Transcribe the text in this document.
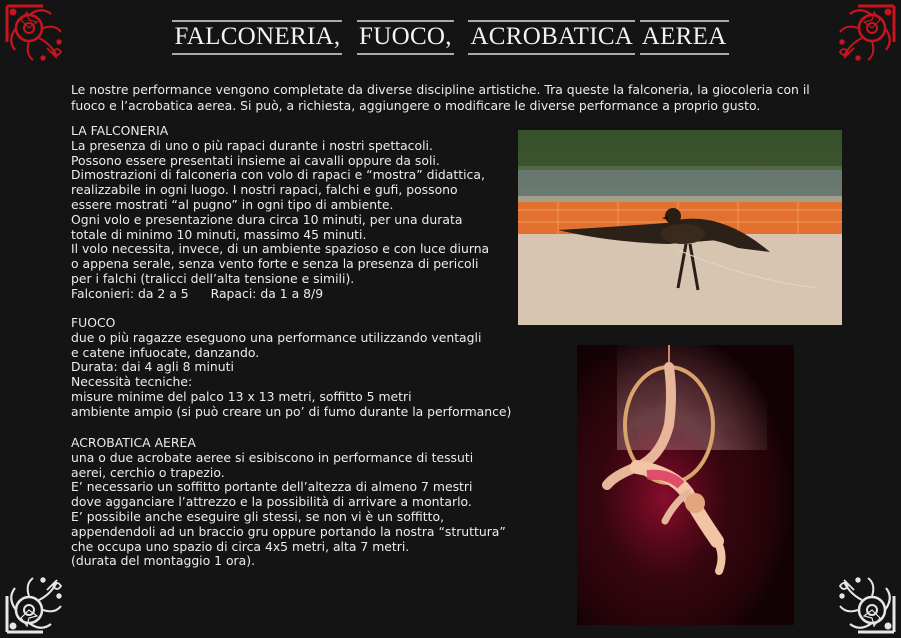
FALCONERIA, FUOCO, ACROBATICA AEREA
Le nostre performance vengono completate da diverse discipline artistiche. Tra queste la falconeria, la giocoleria con il fuoco e l’acrobatica aerea. Si può, a richiesta, aggiungere o modificare le diverse performance a proprio gusto.
LA FALCONERIA
La presenza di uno o più rapaci durante i nostri spettacoli.
Possono essere presentati insieme ai cavalli oppure da soli.
Dimostrazioni di falconeria con volo di rapaci e “mostra” didattica,
realizzabile in ogni luogo. I nostri rapaci, falchi e gufi, possono
essere mostrati “al pugno” in ogni tipo di ambiente.
Ogni volo e presentazione dura circa 10 minuti, per una durata
totale di minimo 10 minuti, massimo 45 minuti.
Il volo necessita, invece, di un ambiente spazioso e con luce diurna
o appena serale, senza vento forte e senza la presenza di pericoli
per i falchi (tralicci dell’alta tensione e simili).
Falconieri: da 2 a 5 Rapaci: da 1 a 8/9
FUOCO
due o più ragazze eseguono una performance utilizzando ventagli
e catene infuocate, danzando.
Durata: dai 4 agli 8 minuti
Necessità tecniche:
misure minime del palco 13 x 13 metri, soffitto 5 metri
ambiente ampio (si può creare un po’ di fumo durante la performance)
ACROBATICA AEREA
una o due acrobate aeree si esibiscono in performance di tessuti
aerei, cerchio o trapezio.
E’ necessario un soffitto portante dell’altezza di almeno 7 mestri
dove agganciare l’attrezzo e la possibilità di arrivare a montarlo.
E’ possibile anche eseguire gli stessi, se non vi è un soffitto,
appendendoli ad un braccio gru oppure portando la nostra “struttura”
che occupa uno spazio di circa 4x5 metri, alta 7 metri.
(durata del montaggio 1 ora).
